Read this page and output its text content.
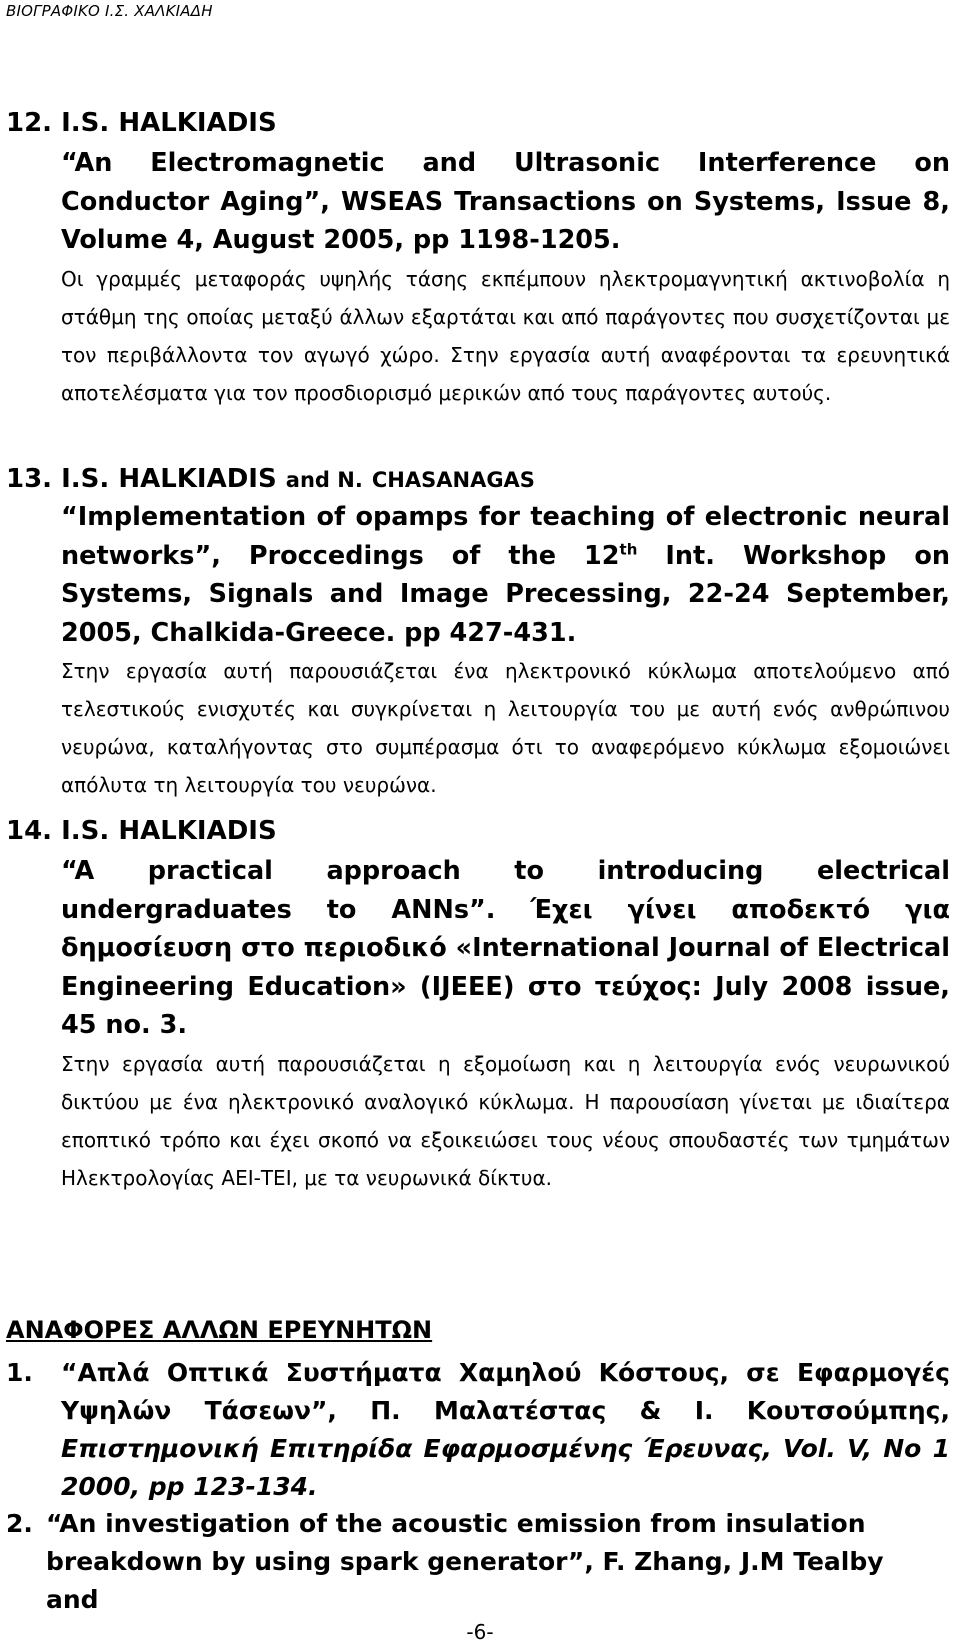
ΒΙΟΓΡΑΦΙΚΟ Ι.Σ. ΧΑΛΚΙΑΔΗ

12. I.S. HALKIADIS

“An Electromagnetic and Ultrasonic Interference on Conductor Aging”, WSEAS Transactions on Systems, Issue 8, Volume 4, August 2005, pp 1198-1205.

Οι γραμμές μεταφοράς υψηλής τάσης εκπέμπουν ηλεκτρομαγνητική ακτινοβολία η στάθμη της οποίας μεταξύ άλλων εξαρτάται και από παράγοντες που συσχετίζονται με τον περιβάλλοντα τον αγωγό χώρο. Στην εργασία αυτή αναφέρονται τα ερευνητικά αποτελέσματα για τον προσδιορισμό μερικών από τους παράγοντες αυτούς.

13. I.S. HALKIADIS and N. CHASANAGAS

“Implementation of opamps for teaching of electronic neural networks”, Proccedings of the 12th Int. Workshop on Systems, Signals and Image Precessing, 22-24 September, 2005, Chalkida-Greece. pp 427-431.

Στην εργασία αυτή παρουσιάζεται ένα ηλεκτρονικό κύκλωμα αποτελούμενο από τελεστικούς ενισχυτές και συγκρίνεται η λειτουργία του με αυτή ενός ανθρώπινου νευρώνα, καταλήγοντας στο συμπέρασμα ότι το αναφερόμενο κύκλωμα εξομοιώνει απόλυτα τη λειτουργία του νευρώνα.

14. I.S. HALKIADIS

“A practical approach to introducing electrical undergraduates to ANNs”. Έχει γίνει αποδεκτό για δημοσίευση στο περιοδικό «International Journal of Electrical Engineering Education» (IJEEE) στο τεύχος: July 2008 issue, 45 no. 3.

Στην εργασία αυτή παρουσιάζεται η εξομοίωση και η λειτουργία ενός νευρωνικού δικτύου με ένα ηλεκτρονικό αναλογικό κύκλωμα. Η παρουσίαση γίνεται με ιδιαίτερα εποπτικό τρόπο και έχει σκοπό να εξοικειώσει τους νέους σπουδαστές των τμημάτων Ηλεκτρολογίας ΑΕΙ-ΤΕΙ, με τα νευρωνικά δίκτυα.

ΑΝΑΦΟΡΕΣ ΑΛΛΩΝ ΕΡΕΥΝΗΤΩΝ
1.	“Απλά Οπτικά Συστήματα Χαμηλού Κόστους, σε Εφαρμογές Υψηλών Τάσεων”, Π. Μαλατέστας & Ι. Κουτσούμπης, Επιστημονική Επιτηρίδα Εφαρμοσμένης Έρευνας, Vol. V, No 1 2000, pp 123-134.
2. “An investigation of the acoustic emission from insulation breakdown by using spark generator”, F. Zhang, J.M Tealby and
-6-
